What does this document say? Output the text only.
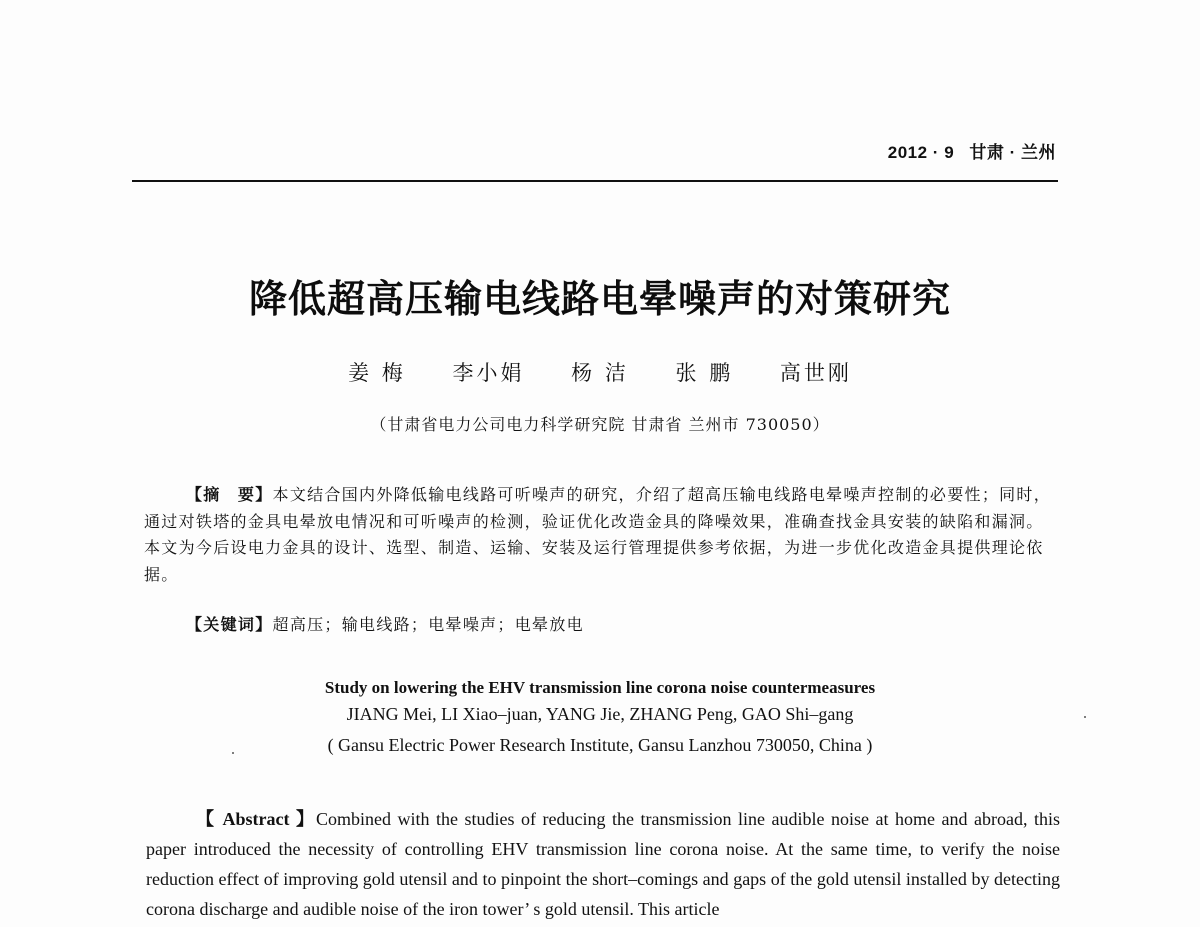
2012 · 9 甘肃 · 兰州
降低超高压输电线路电晕噪声的对策研究
姜 梅 李小娟 杨 洁 张 鹏 高世刚
（甘肃省电力公司电力科学研究院 甘肃省 兰州市 730050）
【摘　要】本文结合国内外降低输电线路可听噪声的研究，介绍了超高压输电线路电晕噪声控制的必要性；同时，通过对铁塔的金具电晕放电情况和可听噪声的检测，验证优化改造金具的降噪效果，准确查找金具安装的缺陷和漏洞。本文为今后设电力金具的设计、选型、制造、运输、安装及运行管理提供参考依据，为进一步优化改造金具提供理论依据。
【关键词】超高压；输电线路；电晕噪声；电晕放电
Study on lowering the EHV transmission line corona noise countermeasures
JIANG Mei, LI Xiao–juan, YANG Jie, ZHANG Peng, GAO Shi–gang
( Gansu Electric Power Research Institute, Gansu Lanzhou 730050, China )
【 Abstract 】Combined with the studies of reducing the transmission line audible noise at home and abroad, this paper introduced the necessity of controlling EHV transmission line corona noise. At the same time, to verify the noise reduction effect of improving gold utensil and to pinpoint the short–comings and gaps of the gold utensil installed by detecting corona discharge and audible noise of the iron tower’ s gold utensil. This article
